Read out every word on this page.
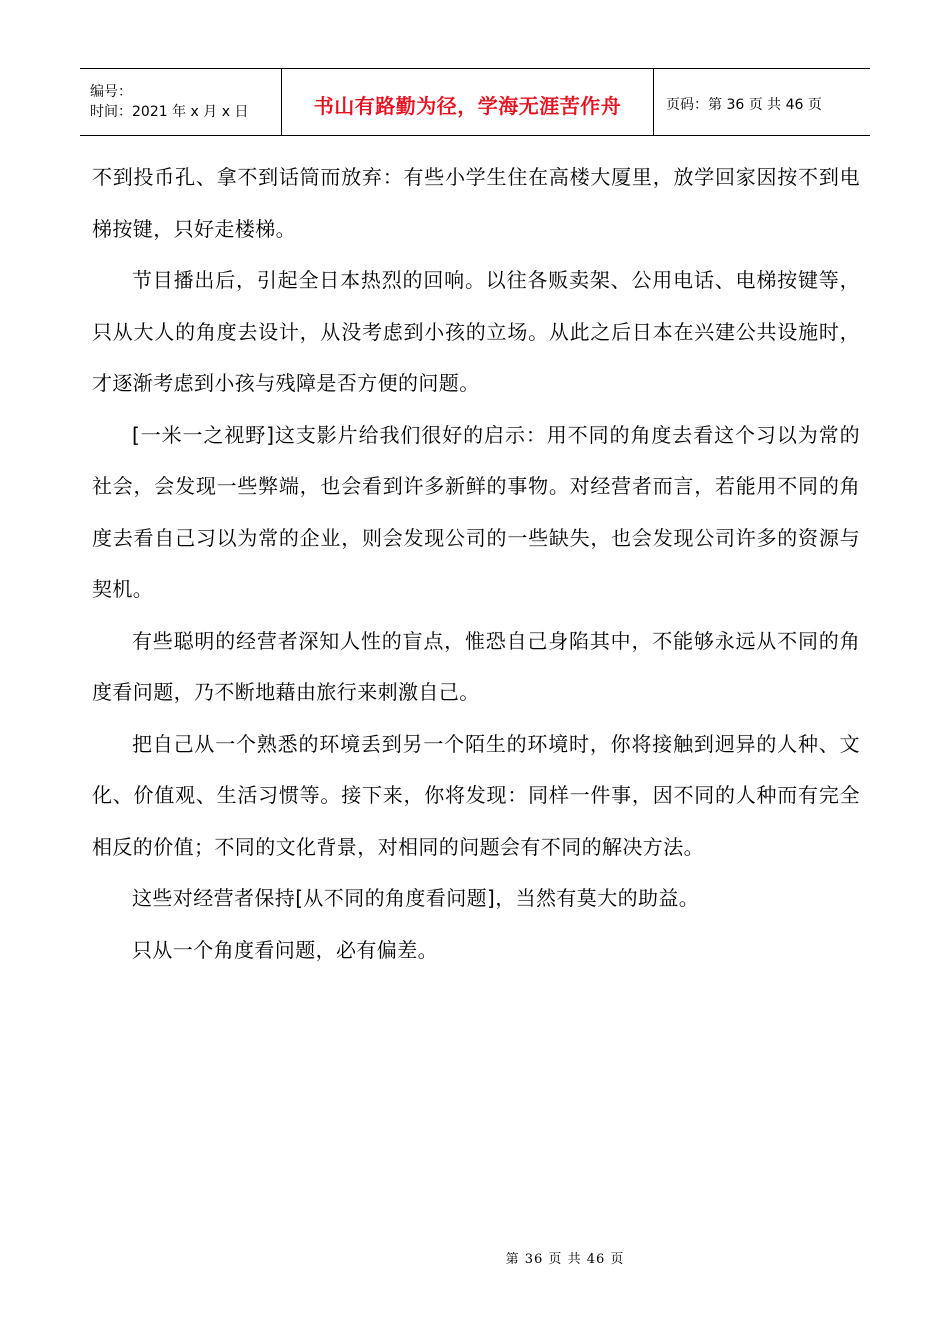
编号：
时间：2021 年 x 月 x 日	书山有路勤为径，学海无涯苦作舟	页码：第 36 页 共 46 页

不到投币孔、拿不到话筒而放弃：有些小学生住在高楼大厦里，放学回家因按不到电梯按键，只好走楼梯。

节目播出后，引起全日本热烈的回响。以往各贩卖架、公用电话、电梯按键等，只从大人的角度去设计，从没考虑到小孩的立场。从此之后日本在兴建公共设施时，才逐渐考虑到小孩与残障是否方便的问题。

[一米一之视野]这支影片给我们很好的启示：用不同的角度去看这个习以为常的社会，会发现一些弊端，也会看到许多新鲜的事物。对经营者而言，若能用不同的角度去看自己习以为常的企业，则会发现公司的一些缺失，也会发现公司许多的资源与契机。

有些聪明的经营者深知人性的盲点，惟恐自己身陷其中，不能够永远从不同的角度看问题，乃不断地藉由旅行来刺激自己。

把自己从一个熟悉的环境丢到另一个陌生的环境时，你将接触到迥异的人种、文化、价值观、生活习惯等。接下来，你将发现：同样一件事，因不同的人种而有完全相反的价值；不同的文化背景，对相同的问题会有不同的解决方法。

这些对经营者保持[从不同的角度看问题]，当然有莫大的助益。

只从一个角度看问题，必有偏差。

第 36 页 共 46 页
